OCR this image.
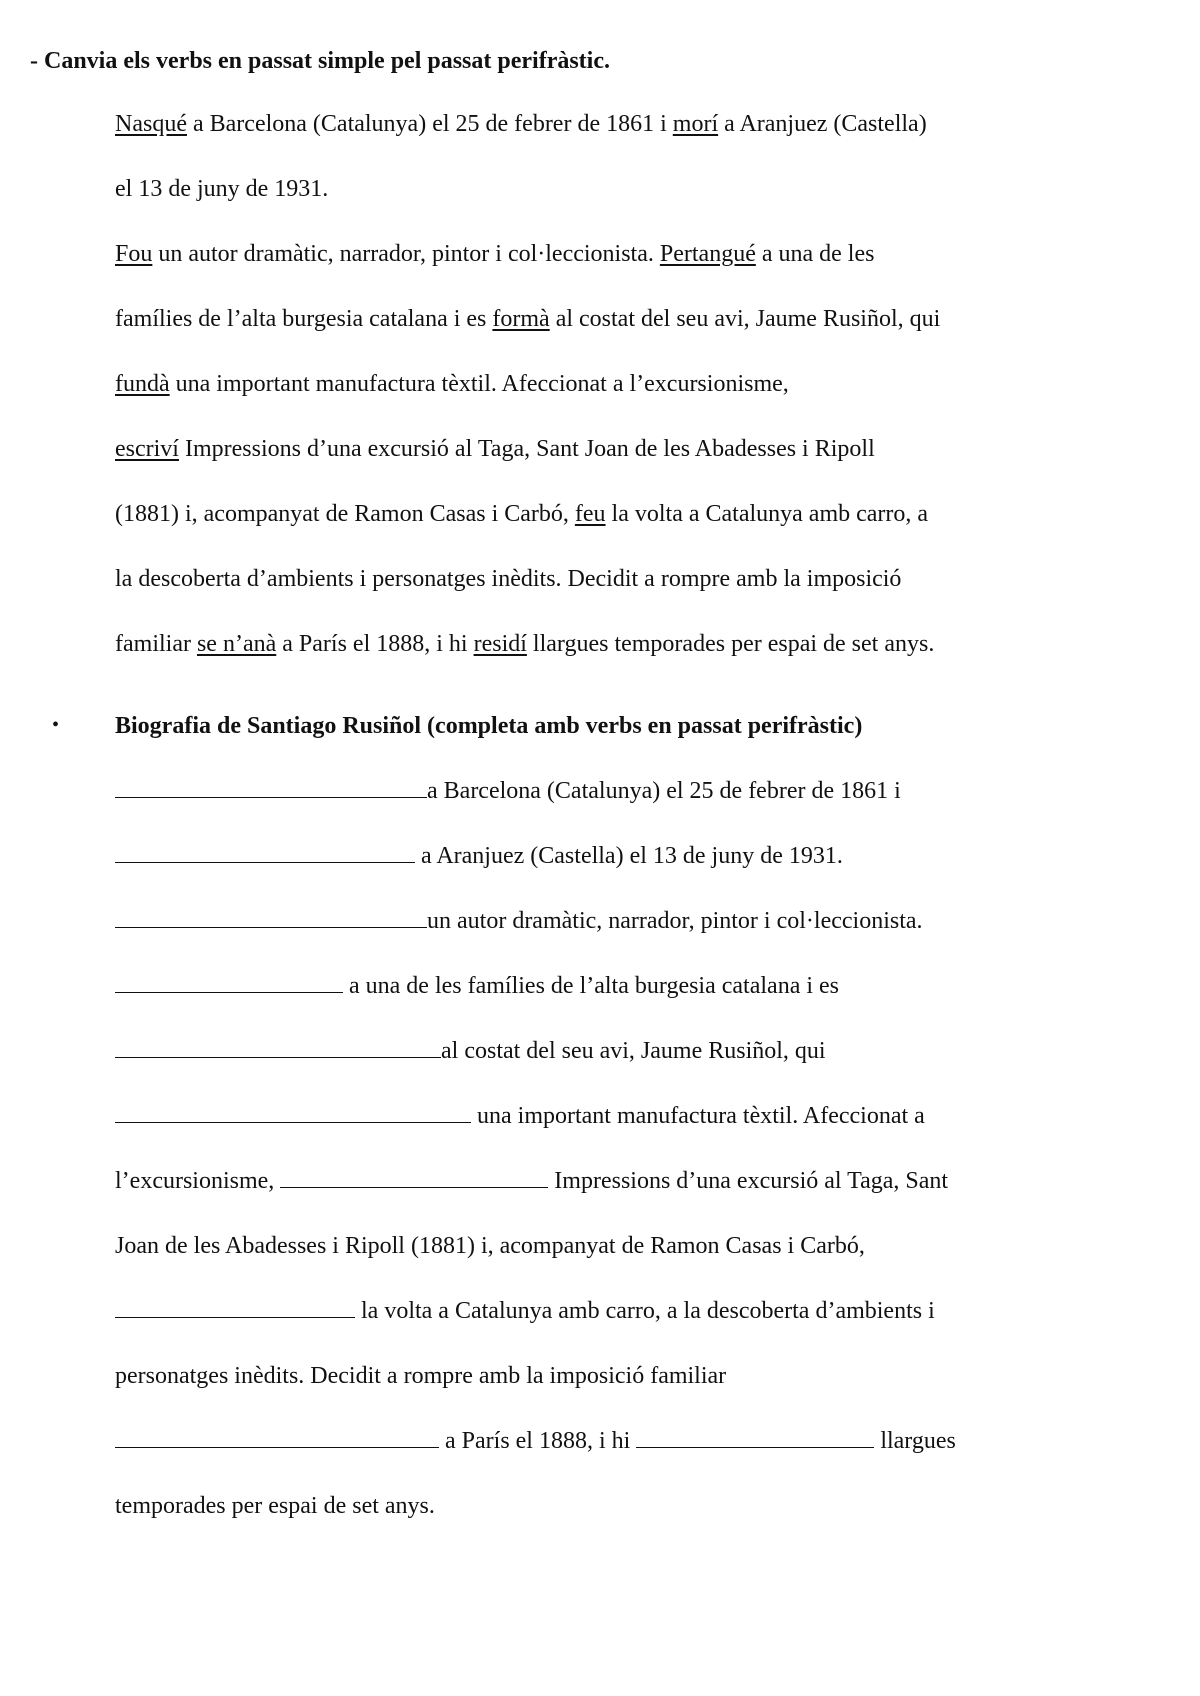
- Canvia els verbs en passat simple pel passat perifràstic.
Nasqué a Barcelona (Catalunya) el 25 de febrer de 1861 i morí a Aranjuez (Castella)
el 13 de juny de 1931.
Fou un autor dramàtic, narrador, pintor i col·leccionista. Pertangué a una de les
famílies de l’alta burgesia catalana i es formà al costat del seu avi, Jaume Rusiñol, qui
fundà una important manufactura tèxtil. Afeccionat a l’excursionisme,
escriví Impressions d’una excursió al Taga, Sant Joan de les Abadesses i Ripoll
(1881) i, acompanyat de Ramon Casas i Carbó, feu la volta a Catalunya amb carro, a
la descoberta d’ambients i personatges inèdits. Decidit a rompre amb la imposició
familiar se n’anà a París el 1888, i hi residí llargues temporades per espai de set anys.
• Biografia de Santiago Rusiñol (completa amb verbs en passat perifràstic)
a Barcelona (Catalunya) el 25 de febrer de 1861 i
a Aranjuez (Castella) el 13 de juny de 1931.
un autor dramàtic, narrador, pintor i col·leccionista.
a una de les famílies de l’alta burgesia catalana i es
al costat del seu avi, Jaume Rusiñol, qui
una important manufactura tèxtil. Afeccionat a
l’excursionisme,	Impressions d’una excursió al Taga, Sant
Joan de les Abadesses i Ripoll (1881) i, acompanyat de Ramon Casas i Carbó,
la volta a Catalunya amb carro, a la descoberta d’ambients i
personatges inèdits. Decidit a rompre amb la imposició familiar
a París el 1888, i hi	llargues
temporades per espai de set anys.
